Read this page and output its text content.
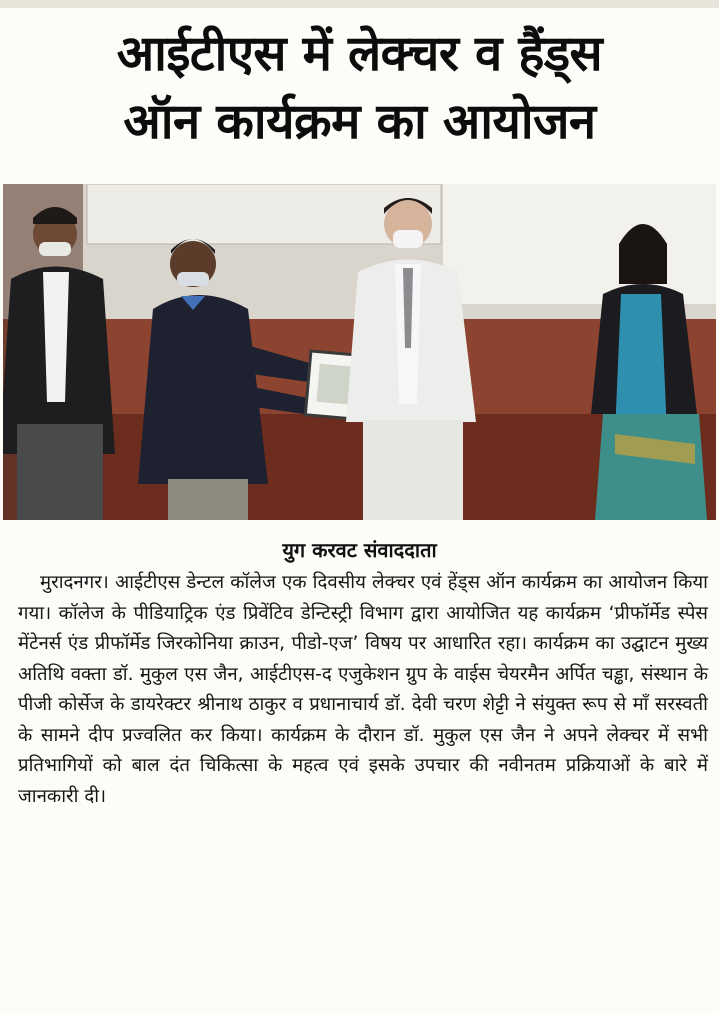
आईटीएस में लेक्चर व हैंड्स
ऑन कार्यक्रम का आयोजन
युग करवट संवाददाता

मुरादनगर। आईटीएस डेन्टल कॉलेज एक दिवसीय लेक्चर एवं हेंड्स ऑन कार्यक्रम का आयोजन किया गया। कॉलेज के पीडियाट्रिक एंड प्रिवेंटिव डेन्टिस्ट्री विभाग द्वारा आयोजित यह कार्यक्रम ‘प्रीफॉर्मेड स्पेस मेंटेनर्स एंड प्रीफॉर्मेड जिरकोनिया क्राउन, पीडो-एज’ विषय पर आधारित रहा। कार्यक्रम का उद्घाटन मुख्य अतिथि वक्ता डॉ. मुकुल एस जैन, आईटीएस-द एजुकेशन ग्रुप के वाईस चेयरमैन अर्पित चड्ढा, संस्थान के पीजी कोर्सेज के डायरेक्टर श्रीनाथ ठाकुर व प्रधानाचार्य डॉ. देवी चरण शेट्टी ने संयुक्त रूप से माँ सरस्वती के सामने दीप प्रज्वलित कर किया। कार्यक्रम के दौरान डॉ. मुकुल एस जैन ने अपने लेक्चर में सभी प्रतिभागियों को बाल दंत चिकित्सा के महत्व एवं इसके उपचार की नवीनतम प्रक्रियाओं के बारे में जानकारी दी।
